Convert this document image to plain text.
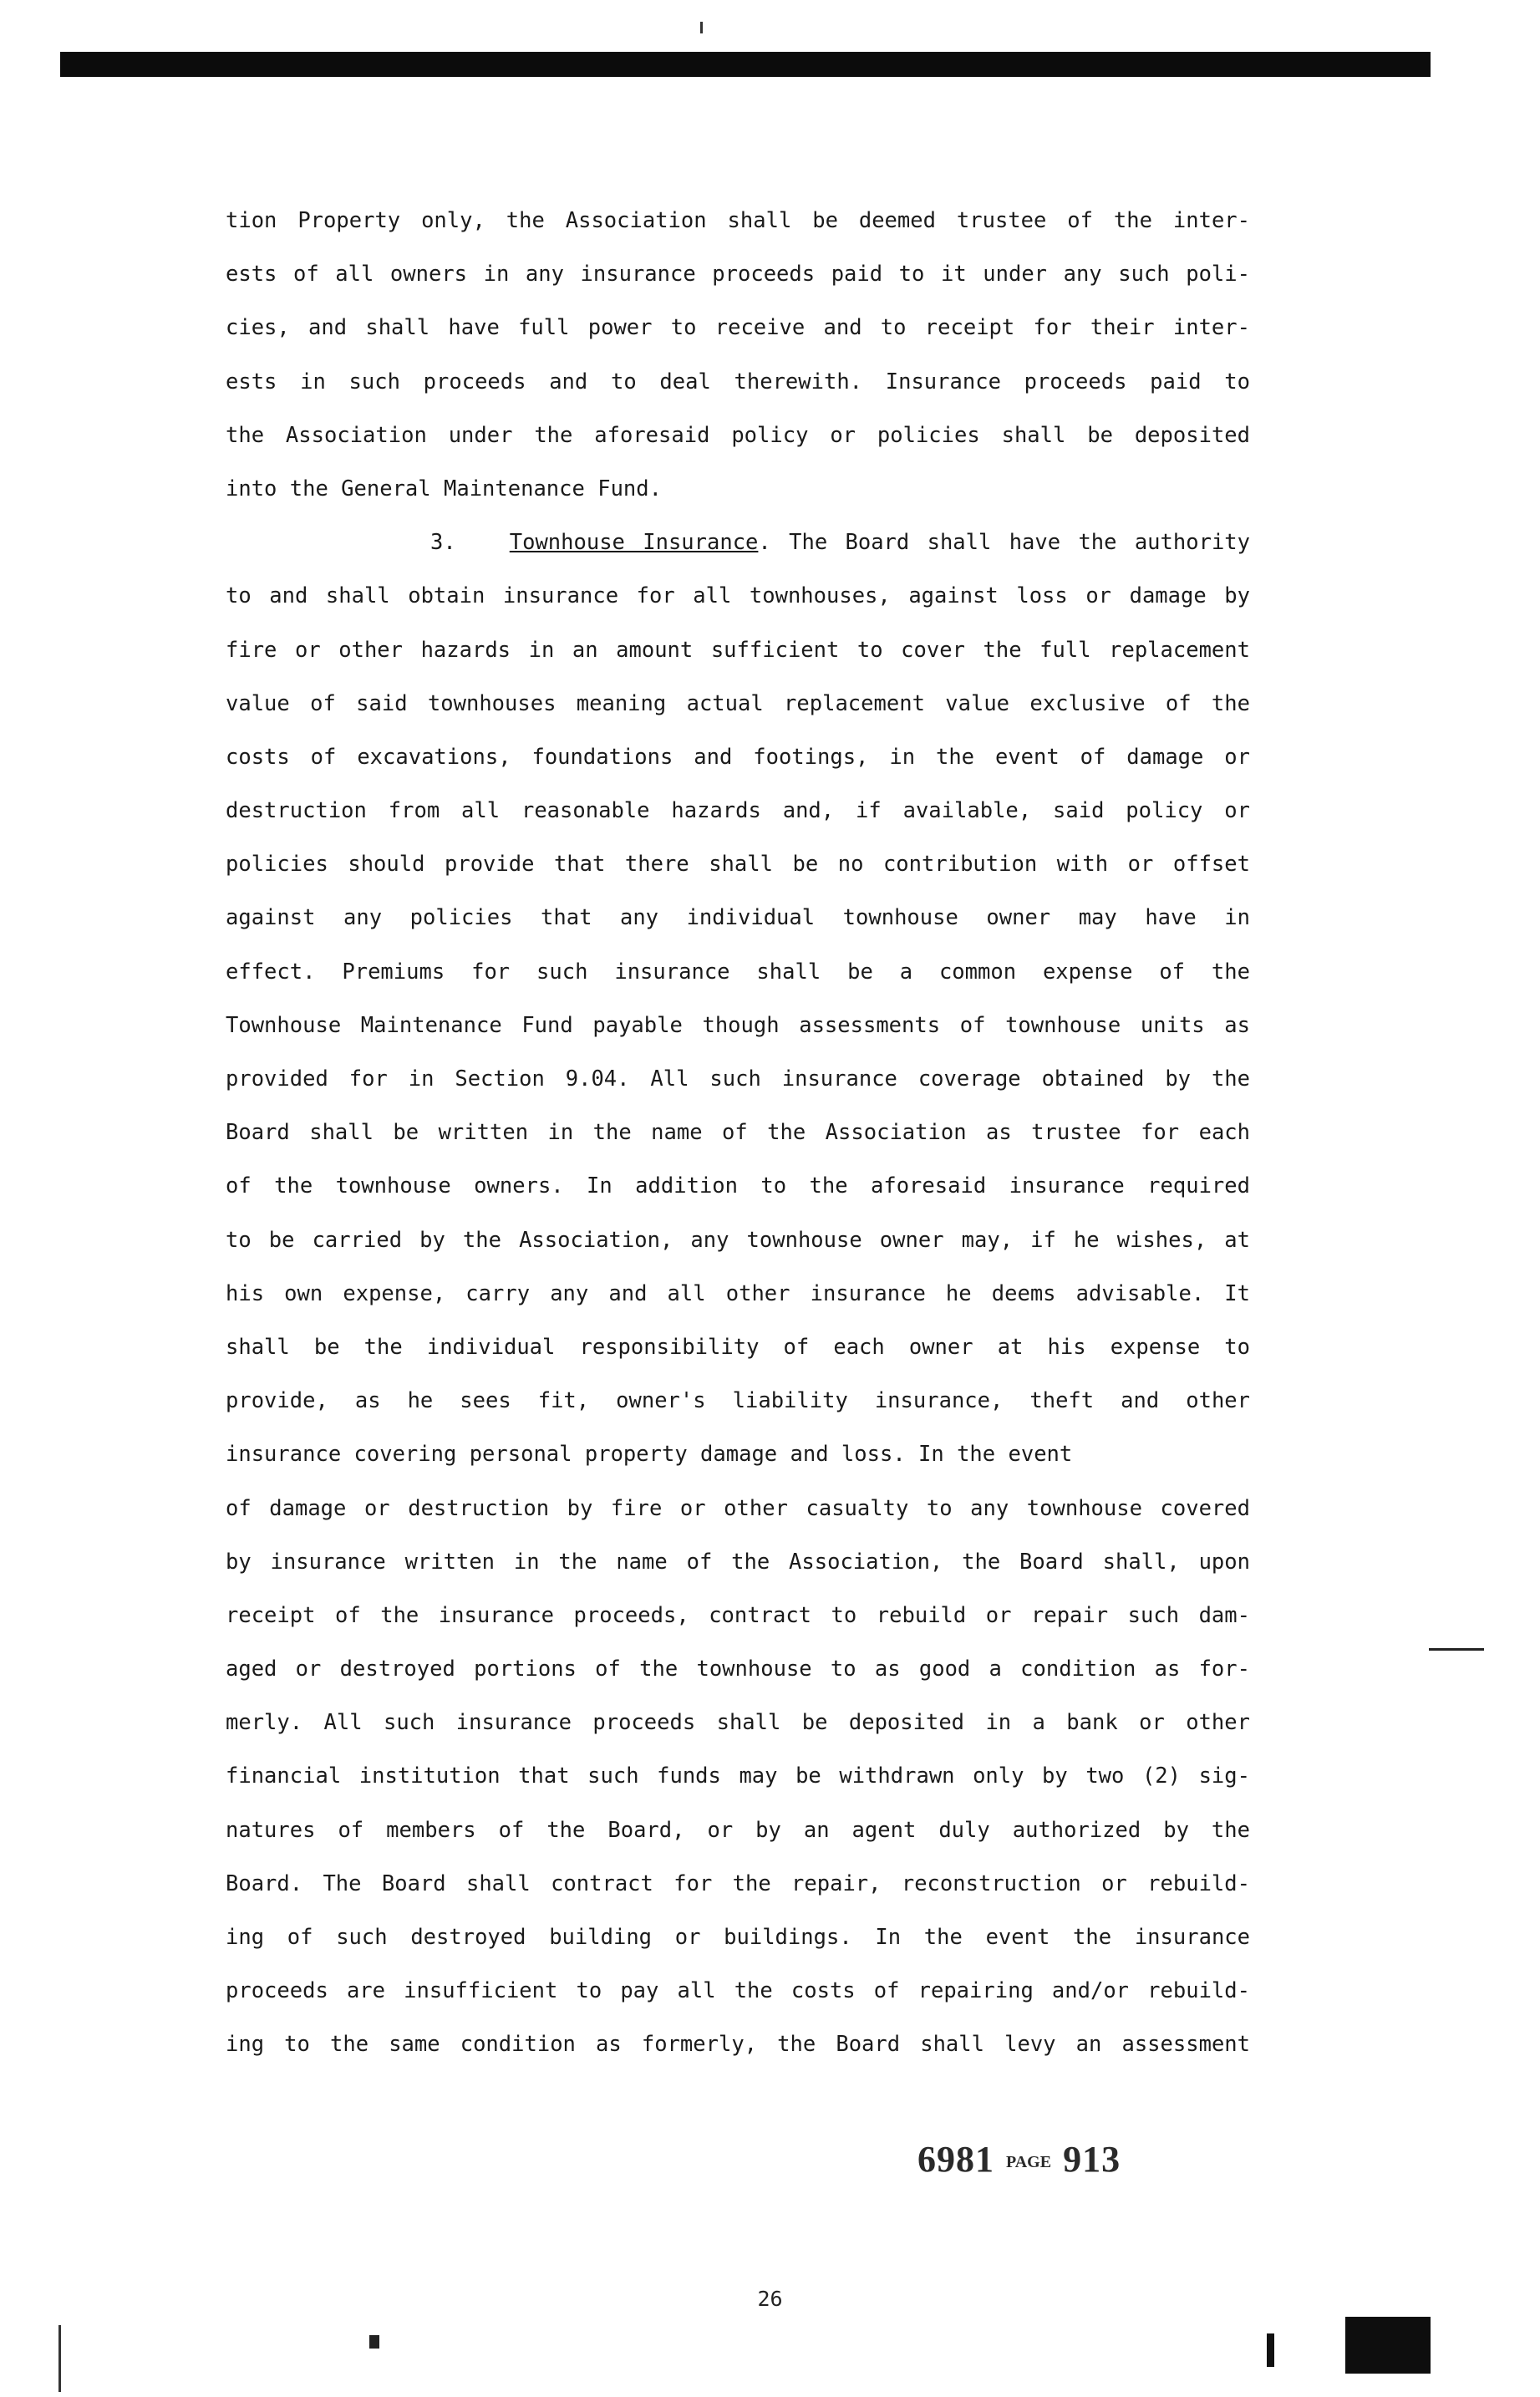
tion Property only, the Association shall be deemed trustee of the inter-
ests of all owners in any insurance proceeds paid to it under any such poli-
cies, and shall have full power to receive and to receipt for their inter-
ests in such proceeds and to deal therewith. Insurance proceeds paid to
the Association under the aforesaid policy or policies shall be deposited
into the General Maintenance Fund.
3.	Townhouse Insurance. The Board shall have the authority
to and shall obtain insurance for all townhouses, against loss or damage by
fire or other hazards in an amount sufficient to cover the full replacement
value of said townhouses meaning actual replacement value exclusive of the
costs of excavations, foundations and footings, in the event of damage or
destruction from all reasonable hazards and, if available, said policy or
policies should provide that there shall be no contribution with or offset
against any policies that any individual townhouse owner may have in
effect. Premiums for such insurance shall be a common expense of the
Townhouse Maintenance Fund payable though assessments of townhouse units as
provided for in Section 9.04. All such insurance coverage obtained by the
Board shall be written in the name of the Association as trustee for each
of the townhouse owners. In addition to the aforesaid insurance required
to be carried by the Association, any townhouse owner may, if he wishes, at
his own expense, carry any and all other insurance he deems advisable. It
shall be the individual responsibility of each owner at his expense to
provide, as he sees fit, owner's liability insurance, theft and other
insurance covering personal property damage and loss. In the event
of damage or destruction by fire or other casualty to any townhouse covered
by insurance written in the name of the Association, the Board shall, upon
receipt of the insurance proceeds, contract to rebuild or repair such dam-
aged or destroyed portions of the townhouse to as good a condition as for-
merly. All such insurance proceeds shall be deposited in a bank or other
financial institution that such funds may be withdrawn only by two (2) sig-
natures of members of the Board, or by an agent duly authorized by the
Board. The Board shall contract for the repair, reconstruction or rebuild-
ing of such destroyed building or buildings. In the event the insurance
proceeds are insufficient to pay all the costs of repairing and/or rebuild-
ing to the same condition as formerly, the Board shall levy an assessment
6981 PAGE 913
26
